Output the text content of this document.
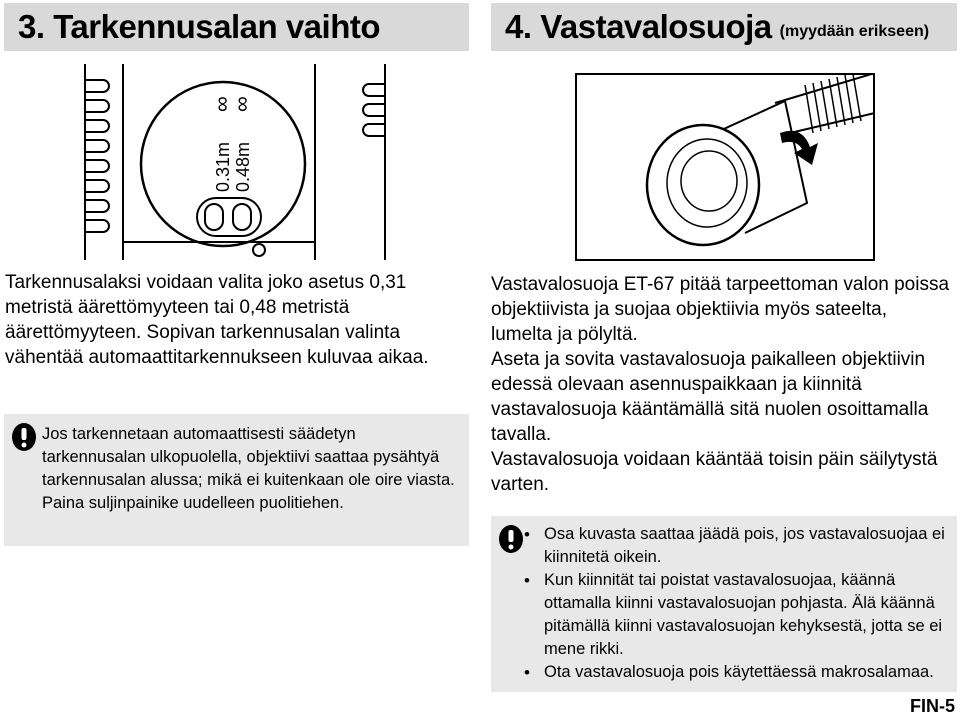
3. Tarkennusalan vaihto
0.31m 0.48m
∞
∞

Tarkennusalaksi voidaan valita joko asetus 0,31 metristä äärettömyyteen tai 0,48 metristä äärettömyyteen. Sopivan tarkennusalan valinta vähentää automaattitarkennukseen kuluvaa aikaa.

Jos tarkennetaan automaattisesti säädetyn tarkennusalan ulkopuolella, objektiivi saattaa pysähtyä tarkennusalan alussa; mikä ei kuitenkaan ole oire viasta. Paina suljinpainike uudelleen puolitiehen.
4. Vastavalosuoja (myydään erikseen)

Vastavalosuoja ET-67 pitää tarpeettoman valon poissa objektiivista ja suojaa objektiivia myös sateelta, lumelta ja pölyltä.

Aseta ja sovita vastavalosuoja paikalleen objektiivin edessä olevaan asennuspaikkaan ja kiinnitä vastavalosuoja kääntämällä sitä nuolen osoittamalla tavalla.

Vastavalosuoja voidaan kääntää toisin päin säilytystä varten.

• Osa kuvasta saattaa jäädä pois, jos vastavalosuojaa ei kiinnitetä oikein.
• Kun kiinnität tai poistat vastavalosuojaa, käännä ottamalla kiinni vastavalosuojan pohjasta. Älä käännä pitämällä kiinni vastavalosuojan kehyksestä, jotta se ei mene rikki.
• Ota vastavalosuoja pois käytettäessä makrosalamaa.
FIN-5
